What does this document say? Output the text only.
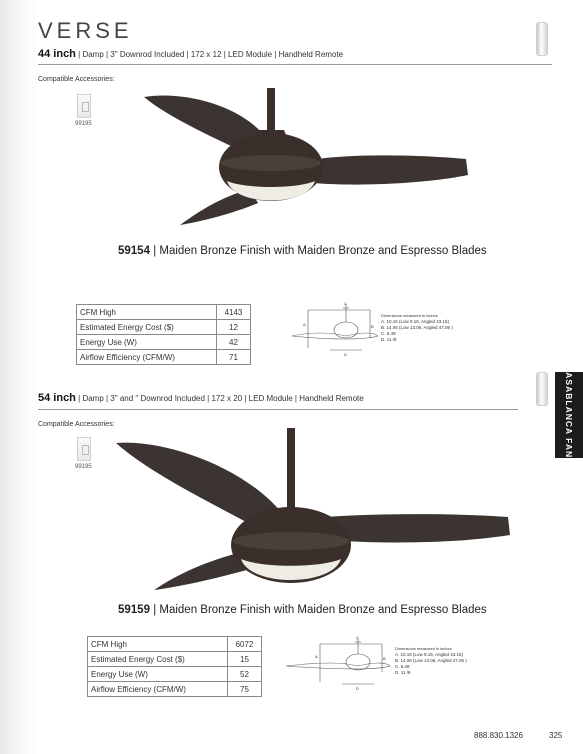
VERSE
44 inch | Damp | 3" Downrod Included | 172 x 12 | LED Module | Handheld Remote
Compatible Accessories:
99195
59154 | Maiden Bronze Finish with Maiden Bronze and Espresso Blades
CFM High	4143
Estimated Energy Cost ($)	12
Energy Use (W)	42
Airflow Efficiency (CFM/W)	71
C
A	B
D
Dimensions measured in inches
A. 10.15 (Low 9.15, Angled 43.15)
B. 14.06 (Low 13.06, Angled 47.06 )
C. 6.49
D. 11 /9
CASABLANCA FANS
54 inch | Damp | 3" and " Downrod Included | 172 x 20 | LED Module | Handheld Remote
Compatible Accessories:
99195
59159 | Maiden Bronze Finish with Maiden Bronze and Espresso Blades
CFM High	6072
Estimated Energy Cost ($)	15
Energy Use (W)	52
Airflow Efficiency (CFM/W)	75
C
A	B
D
Dimensions measured in inches
A. 10.15 (Low 9.15, Angled 43.15)
B. 14.06 (Low 13.06, Angled 47.06 )
C. 6.49
D. 11 /9
888.830.1326	325
